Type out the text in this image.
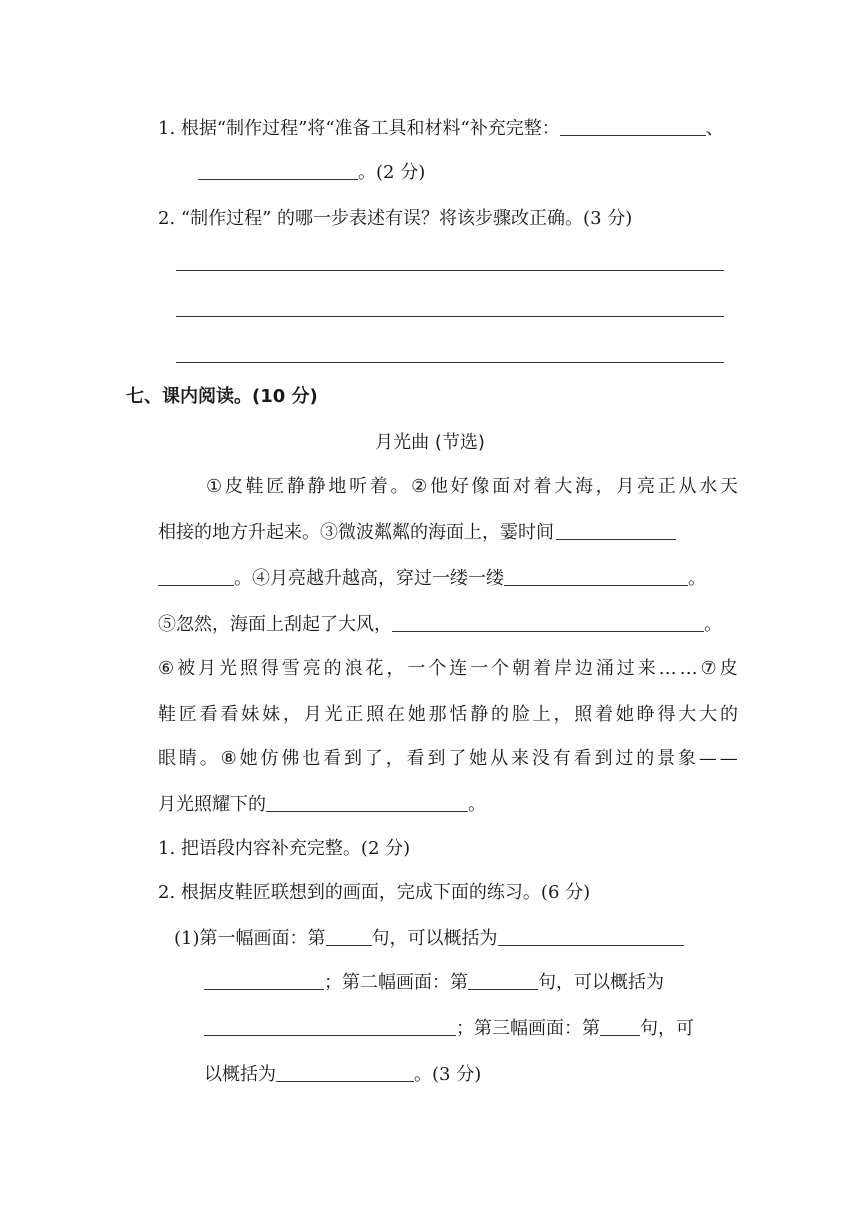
1. 根据“制作过程”将“准备工具和材料“补充完整：	、
。(2 分)
2. “制作过程” 的哪一步表述有误？将该步骤改正确。(3 分)
七、课内阅读。(10 分)
月光曲 (节选)
① 皮 鞋 匠 静 静 地 听 着 。 ② 他 好 像 面 对 着 大 海 ， 月 亮 正 从 水 天
相接的地方升起来。③微波粼粼的海面上，霎时间
。④月亮越升越高，穿过一缕一缕	。
⑤忽然，海面上刮起了大风，	。
⑥ 被 月 光 照 得 雪 亮 的 浪 花 ， 一 个 连 一 个 朝 着 岸 边 涌 过 来 … … ⑦ 皮
鞋 匠 看 看 妹 妹 ， 月 光 正 照 在 她 那 恬 静 的 脸 上 ， 照 着 她 睁 得 大 大 的
眼 睛 。 ⑧ 她 仿 佛 也 看 到 了 ， 看 到 了 她 从 来 没 有 看 到 过 的 景 象 — —
月光照耀下的	。
1. 把语段内容补充完整。(2 分)
2. 根据皮鞋匠联想到的画面，完成下面的练习。(6 分)
(1)第一幅画面：第	句，可以概括为
；第二幅画面：第	句，可以概括为
；第三幅画面：第 句，可
以概括为	。(3 分)
